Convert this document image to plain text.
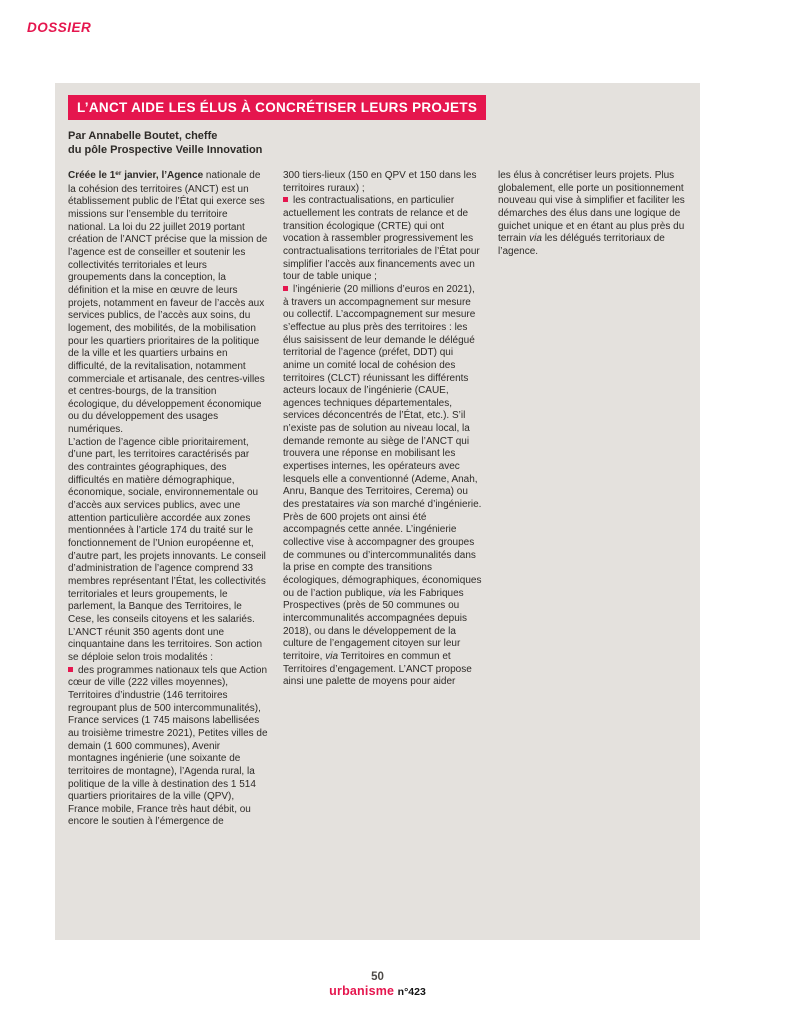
DOSSIER
L’ANCT AIDE LES ÉLUS À CONCRÉTISER LEURS PROJETS
Par Annabelle Boutet, cheffe
du pôle Prospective Veille Innovation

Créée le 1er janvier, l’Agence nationale de la cohésion des territoires (ANCT) est un établissement public de l’État qui exerce ses missions sur l’ensemble du territoire national. La loi du 22 juillet 2019 portant création de l’ANCT précise que la mission de l’agence est de conseiller et soutenir les collectivités territoriales et leurs groupements dans la conception, la définition et la mise en œuvre de leurs projets, notamment en faveur de l’accès aux services publics, de l’accès aux soins, du logement, des mobilités, de la mobilisation pour les quartiers prioritaires de la politique de la ville et les quartiers urbains en difficulté, de la revitalisation, notamment commerciale et artisanale, des centres-villes et centres-bourgs, de la transition écologique, du développement économique ou du développement des usages numériques.

L’action de l’agence cible prioritairement, d’une part, les territoires caractérisés par des contraintes géographiques, des difficultés en matière démographique, économique, sociale, environnementale ou d’accès aux services publics, avec une attention particulière accordée aux zones mentionnées à l’article 174 du traité sur le fonctionnement de l’Union européenne et, d’autre part, les projets innovants. Le conseil d’administration de l’agence comprend 33 membres représentant l’État, les collectivités territoriales et leurs groupements, le parlement, la Banque des Territoires, le Cese, les conseils citoyens et les salariés. L’ANCT réunit 350 agents dont une cinquantaine dans les territoires. Son action se déploie selon trois modalités :

des programmes nationaux tels que Action cœur de ville (222 villes moyennes), Territoires d’industrie (146 territoires regroupant plus de 500 intercommunalités), France services (1 745 maisons labellisées au troisième trimestre 2021), Petites villes de demain (1 600 communes), Avenir montagnes ingénierie (une soixante de territoires de montagne), l’Agenda rural, la politique de la ville à destination des 1 514 quartiers prioritaires de la ville (QPV), France mobile, France très haut débit, ou encore le soutien à l’émergence de

300 tiers-lieux (150 en QPV et 150 dans les territoires ruraux) ;

les contractualisations, en particulier actuellement les contrats de relance et de transition écologique (CRTE) qui ont vocation à rassembler progressivement les contractualisations territoriales de l’État pour simplifier l’accès aux financements avec un tour de table unique ;

l’ingénierie (20 millions d’euros en 2021), à travers un accompagnement sur mesure ou collectif. L’accompagnement sur mesure s’effectue au plus près des territoires : les élus saisissent de leur demande le délégué territorial de l’agence (préfet, DDT) qui anime un comité local de cohésion des territoires (CLCT) réunissant les différents acteurs locaux de l’ingénierie (CAUE, agences techniques départementales, services déconcentrés de l’État, etc.). S’il n’existe pas de solution au niveau local, la demande remonte au siège de l’ANCT qui trouvera une réponse en mobilisant les expertises internes, les opérateurs avec lesquels elle a conventionné (Ademe, Anah, Anru, Banque des Territoires, Cerema) ou des prestataires via son marché d’ingénierie. Près de 600 projets ont ainsi été accompagnés cette année. L’ingénierie collective vise à accompagner des groupes de communes ou d’intercommunalités dans la prise en compte des transitions écologiques, démographiques, économiques ou de l’action publique, via les Fabriques Prospectives (près de 50 communes ou intercommunalités accompagnées depuis 2018), ou dans le développement de la culture de l’engagement citoyen sur leur territoire, via Territoires en commun et Territoires d’engagement. L’ANCT propose ainsi une palette de moyens pour aider

les élus à concrétiser leurs projets. Plus globalement, elle porte un positionnement nouveau qui vise à simplifier et faciliter les démarches des élus dans une logique de guichet unique et en étant au plus près du terrain via les délégués territoriaux de l’agence.

50
urbanisme n°423
